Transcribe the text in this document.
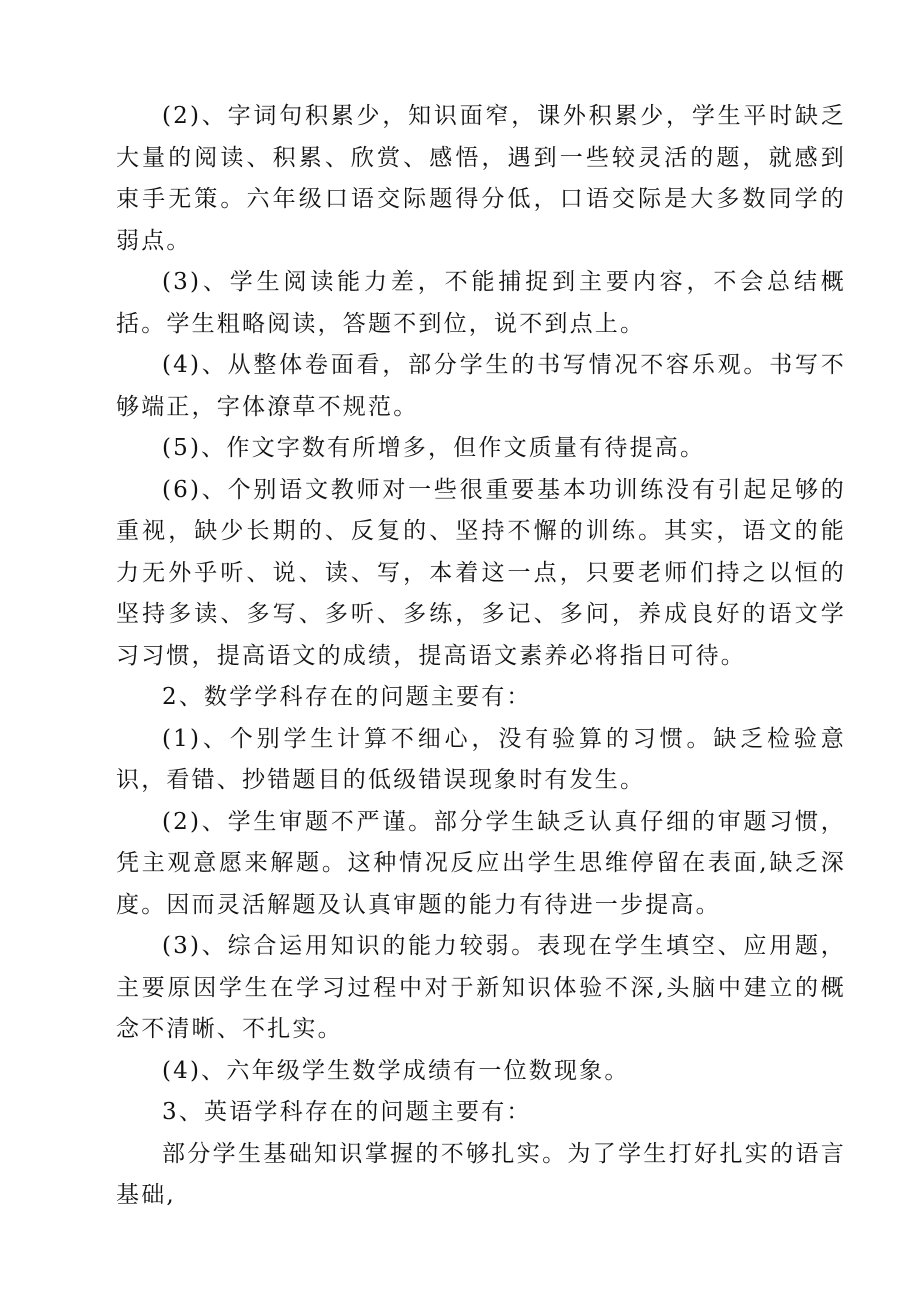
(2)、字词句积累少，知识面窄，课外积累少，学生平时缺乏大量的阅读、积累、欣赏、感悟，遇到一些较灵活的题，就感到束手无策。六年级口语交际题得分低，口语交际是大多数同学的弱点。

(3)、学生阅读能力差，不能捕捉到主要内容，不会总结概括。学生粗略阅读，答题不到位，说不到点上。

(4)、从整体卷面看，部分学生的书写情况不容乐观。书写不够端正，字体潦草不规范。

(5)、作文字数有所增多，但作文质量有待提高。

(6)、个别语文教师对一些很重要基本功训练没有引起足够的重视，缺少长期的、反复的、坚持不懈的训练。其实，语文的能力无外乎听、说、读、写，本着这一点，只要老师们持之以恒的坚持多读、多写、多听、多练，多记、多问，养成良好的语文学习习惯，提高语文的成绩，提高语文素养必将指日可待。

2、数学学科存在的问题主要有：

(1)、个别学生计算不细心，没有验算的习惯。缺乏检验意识，看错、抄错题目的低级错误现象时有发生。

(2)、学生审题不严谨。部分学生缺乏认真仔细的审题习惯，凭主观意愿来解题。这种情况反应出学生思维停留在表面,缺乏深度。因而灵活解题及认真审题的能力有待进一步提高。

(3)、综合运用知识的能力较弱。表现在学生填空、应用题，主要原因学生在学习过程中对于新知识体验不深,头脑中建立的概念不清晰、不扎实。

(4)、六年级学生数学成绩有一位数现象。

3、英语学科存在的问题主要有：

部分学生基础知识掌握的不够扎实。为了学生打好扎实的语言基础,
